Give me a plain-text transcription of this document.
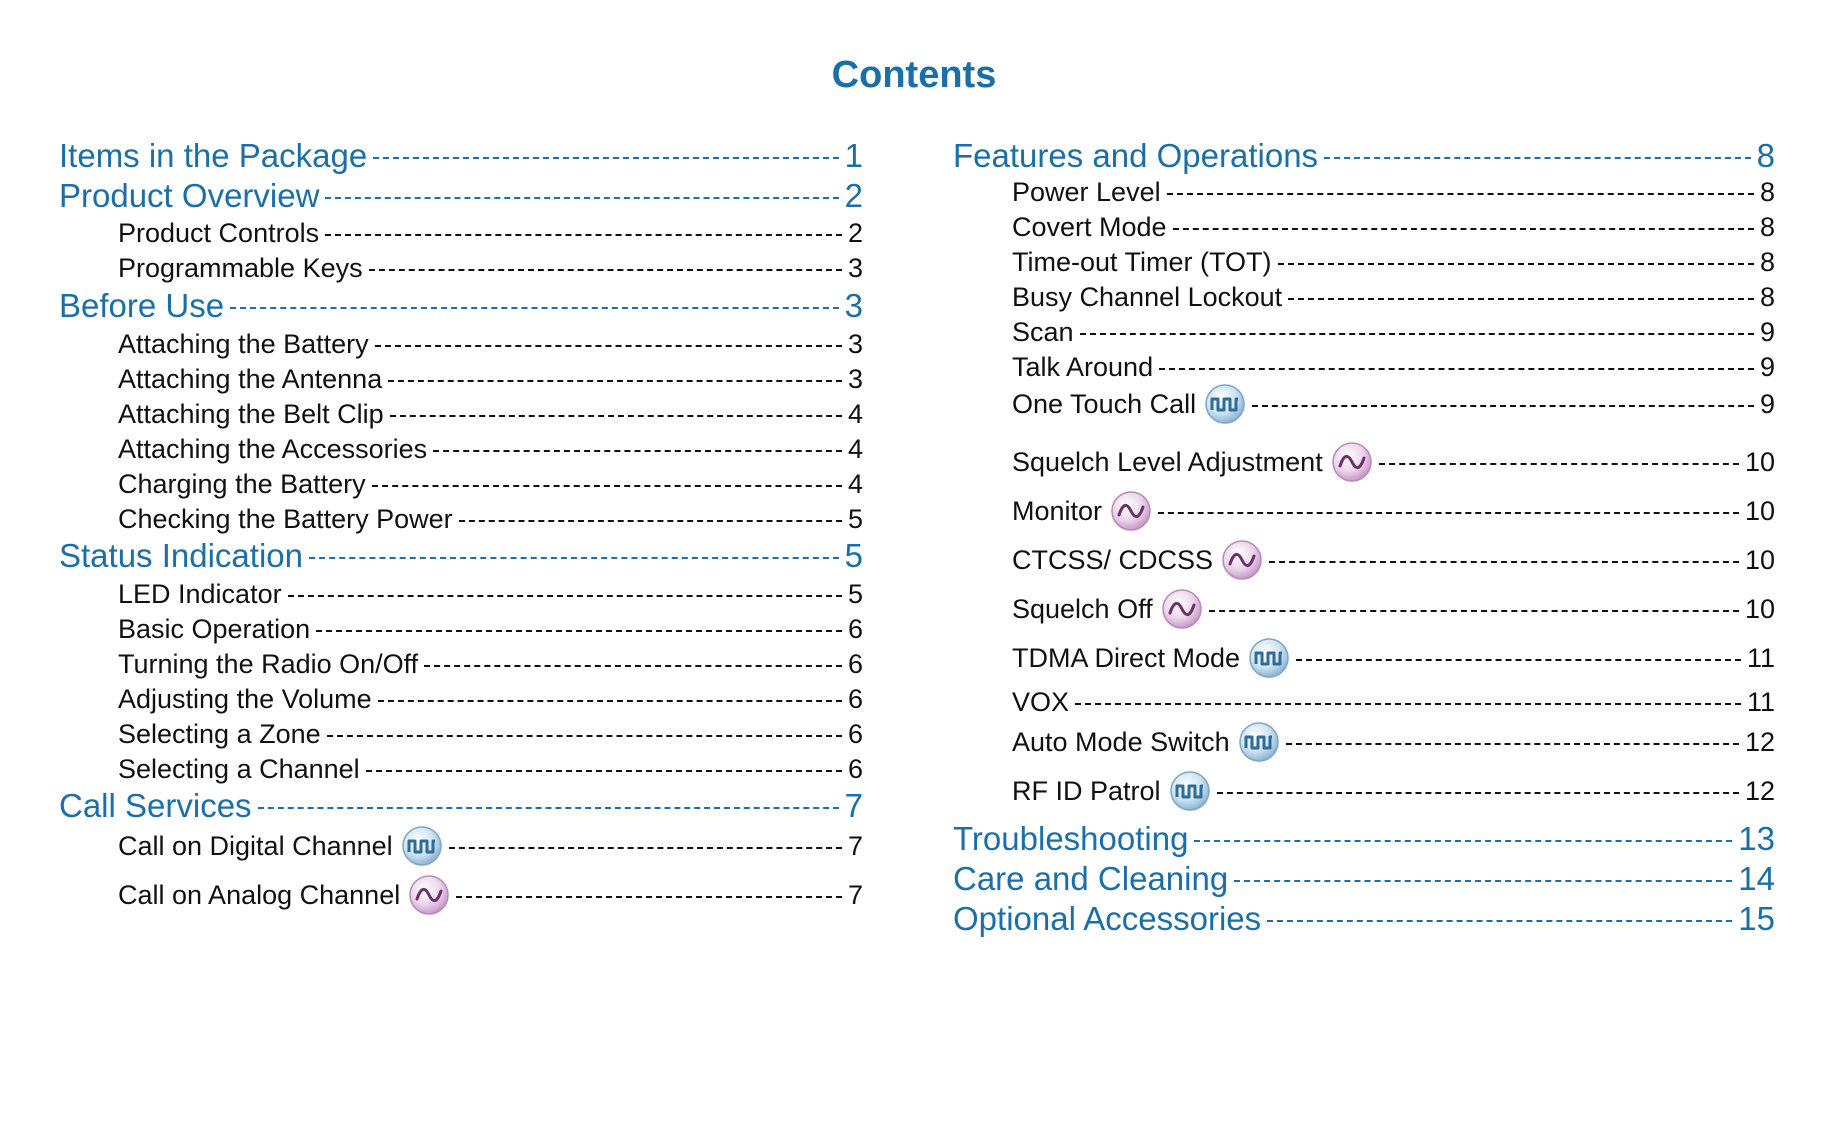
Contents
Items in the Package	1
Product Overview	2
Product Controls	2
Programmable Keys	3
Before Use	3
Attaching the Battery	3
Attaching the Antenna	3
Attaching the Belt Clip	4
Attaching the Accessories	4
Charging the Battery	4
Checking the Battery Power	5
Status Indication	5
LED Indicator	5
Basic Operation	6
Turning the Radio On/Off	6
Adjusting the Volume	6
Selecting a Zone	6
Selecting a Channel	6
Call Services	7
Call on Digital Channel	7
Call on Analog Channel	7
Features and Operations	8
Power Level	8
Covert Mode	8
Time-out Timer (TOT)	8
Busy Channel Lockout	8
Scan	9
Talk Around	9
One Touch Call	9
Squelch Level Adjustment	10
Monitor	10
CTCSS/ CDCSS	10
Squelch Off	10
TDMA Direct Mode	11
VOX	11
Auto Mode Switch	12
RF ID Patrol	12
Troubleshooting	13
Care and Cleaning	14
Optional Accessories	15
